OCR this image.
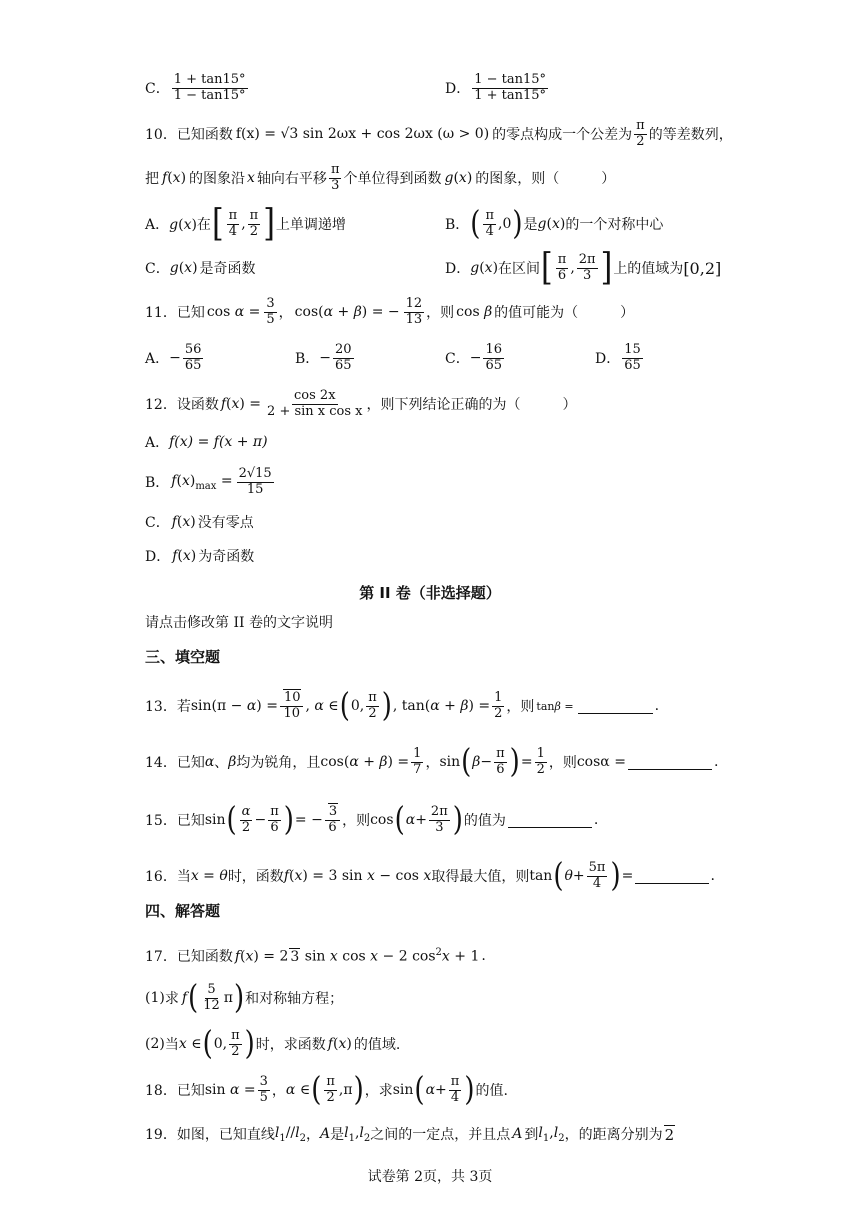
C． $\frac{1 + \tan 15^\circ}{1 - \tan 15^\circ}$	D． $\frac{1 - \tan 15^\circ}{1 + \tan 15^\circ}$
10． 已知函数 f(x) = √3 sin 2ωx + cos 2ωx (ω > 0) 的零点构成一个公差为 $\frac{\pi}{2}$ 的等差数列，
把 f(x) 的图象沿 x 轴向右平移 $\frac{\pi}{3}$ 个单位得到函数 g(x) 的图象，则（　　　）
A． g(x)在 [ $\frac{\pi}{4}$ , $\frac{\pi}{2}$ ] 上单调递增	B． ( $\frac{\pi}{4} ,0$ ) 是 g(x) 的一个对称中心
C． g(x) 是奇函数	D． g(x) 在区间 [ $\frac{\pi}{6}$ , $\frac{2\pi}{3}$ ] 上的值域为 [0,2]
11． 已知 $\cos \alpha = \frac{3}{5}$ ， cos(α + β) = − $\frac{12}{13}$ ，则 cos β 的值可能为（　　　）
A． − $\frac{56}{65}$	B． − $\frac{20}{65}$	C． − $\frac{16}{65}$	D． $\frac{15}{65}$
12． 设函数 $f(x) = \frac{\cos 2x}{\text{2 + sin x cos x}}$ ，则下列结论正确的为（　　　）
A． f(x) = f(x + π)
B． $f(x)_{max} = \frac{2√15}{15}$
C． f(x) 没有零点
D． f(x) 为奇函数
第 II 卷（非选择题）
请点击修改第 II 卷的文字说明
三、填空题
13． 若 $\sin(\pi - \alpha) = \frac{10}{10}$ , α ∈ ( 0, $\frac{\pi}{2}$ ) , $\tan(\alpha + \beta) = \frac{1}{2}$ ，则 tanβ =	.
14． 已知 α 、 β 均为锐角，且 $\cos(\alpha + \beta) = \frac{1}{7}$ ， sin ( $\beta - \frac{\pi}{6}$ ) = $\frac{1}{2}$ ，则 cosα =	.
15． 已知 sin ( $\frac{\alpha}{2} - \frac{\pi}{6}$ ) = − $\frac{3}{6}$ ，则 cos ( $\alpha + \frac{2\pi}{3}$ ) 的值为	.
16． 当 x = θ 时，函数 f(x) = 3 sin x − cos x 取得最大值，则 tan ( $\theta + \frac{5\pi}{4}$ ) =	.
四、解答题
17． 已知函数 f(x) = 2 3 sin x cos x − 2 $\cos^2x + 1$ .
(1) 求 f ( $\frac{5}{12}$ π ) 和对称轴方程；
(2) 当 x ∈ ( 0, $\frac{\pi}{2}$ ) 时，求函数 f(x) 的值域.
18． 已知 $\sin \alpha = \frac{3}{5}$ ， α ∈ ( $\frac{\pi}{2} ,\pi$ ) ，求 sin ( $\alpha + \frac{\pi}{4}$ ) 的值.
19． 如图，已知直线 $l_1//l_2$ ， A 是 $l_1,l_2$ 之间的一定点，并且点 A 到 $l_1,l_2$ ，的距离分别为 2
试卷第 2页，共 3页
